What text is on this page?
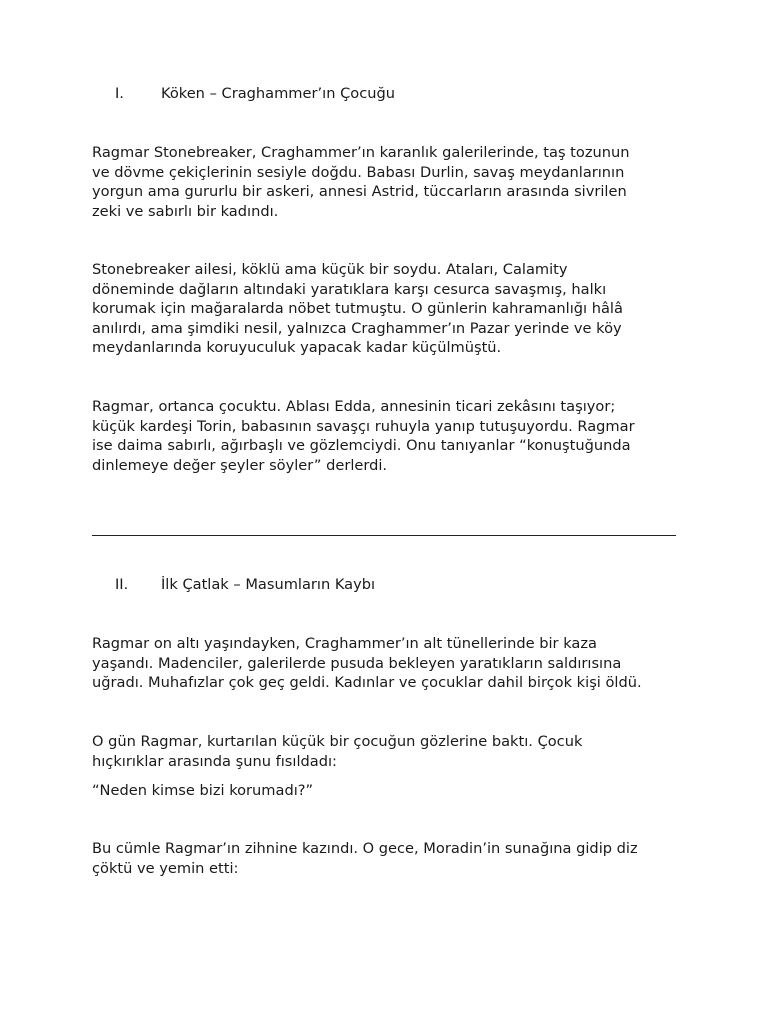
I.	Köken – Craghammer’ın Çocuğu

Ragmar Stonebreaker, Craghammer’ın karanlık galerilerinde, taş tozunun

ve dövme çekiçlerinin sesiyle doğdu. Babası Durlin, savaş meydanlarının

yorgun ama gururlu bir askeri, annesi Astrid, tüccarların arasında sivrilen

zeki ve sabırlı bir kadındı.

Stonebreaker ailesi, köklü ama küçük bir soydu. Ataları, Calamity

döneminde dağların altındaki yaratıklara karşı cesurca savaşmış, halkı

korumak için mağaralarda nöbet tutmuştu. O günlerin kahramanlığı hâlâ

anılırdı, ama şimdiki nesil, yalnızca Craghammer’ın Pazar yerinde ve köy

meydanlarında koruyuculuk yapacak kadar küçülmüştü.

Ragmar, ortanca çocuktu. Ablası Edda, annesinin ticari zekâsını taşıyor;

küçük kardeşi Torin, babasının savaşçı ruhuyla yanıp tutuşuyordu. Ragmar

ise daima sabırlı, ağırbaşlı ve gözlemciydi. Onu tanıyanlar “konuştuğunda

dinlemeye değer şeyler söyler” derlerdi.

II. İlk Çatlak – Masumların Kaybı

Ragmar on altı yaşındayken, Craghammer’ın alt tünellerinde bir kaza

yaşandı. Madenciler, galerilerde pusuda bekleyen yaratıkların saldırısına

uğradı. Muhafızlar çok geç geldi. Kadınlar ve çocuklar dahil birçok kişi öldü.

O gün Ragmar, kurtarılan küçük bir çocuğun gözlerine baktı. Çocuk

hıçkırıklar arasında şunu fısıldadı:

“Neden kimse bizi korumadı?”

Bu cümle Ragmar’ın zihnine kazındı. O gece, Moradin’in sunağına gidip diz

çöktü ve yemin etti:
